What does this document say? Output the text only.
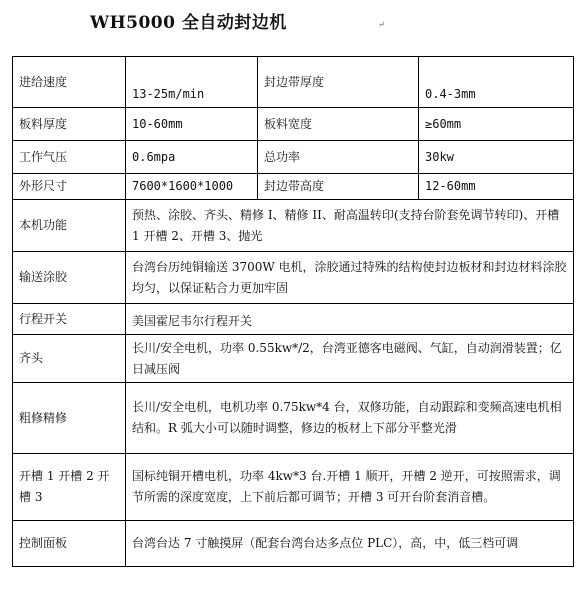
WH5000 全自动封边机	↵
进给速度	13-25m/min	封边带厚度	0.4-3mm
板料厚度	10-60mm	板料宽度	≥60mm
工作气压	0.6mpa	总功率	30kw
外形尺寸	7600*1600*1000	封边带高度	12-60mm
本机功能	预热、涂胶、齐头、精修 I、精修 II、耐高温转印(支持台阶套免调节转印)、开槽 1 开槽 2、开槽 3、抛光		
输送涂胶	台湾台历纯铜输送 3700W 电机，涂胶通过特殊的结构使封边板材和封边材料涂胶均匀，以保证粘合力更加牢固		
行程开关	美国霍尼韦尔行程开关		
齐头	长川/安全电机，功率 0.55kw*/2，台湾亚德客电磁阀、气缸，自动润滑装置；亿日减压阀		
粗修精修	长川/安全电机，电机功率 0.75kw*4 台，双修功能，自动跟踪和变频高速电机相结和。R 弧大小可以随时调整，修边的板材上下部分平整光滑		
开槽 1 开槽 2 开槽 3	国标纯铜开槽电机，功率 4kw*3 台.开槽 1 顺开，开槽 2 逆开，可按照需求，调节所需的深度宽度，上下前后都可调节；开槽 3 可开台阶套消音槽。		
控制面板	台湾台达 7 寸触摸屏（配套台湾台达多点位 PLC），高，中，低三档可调		
